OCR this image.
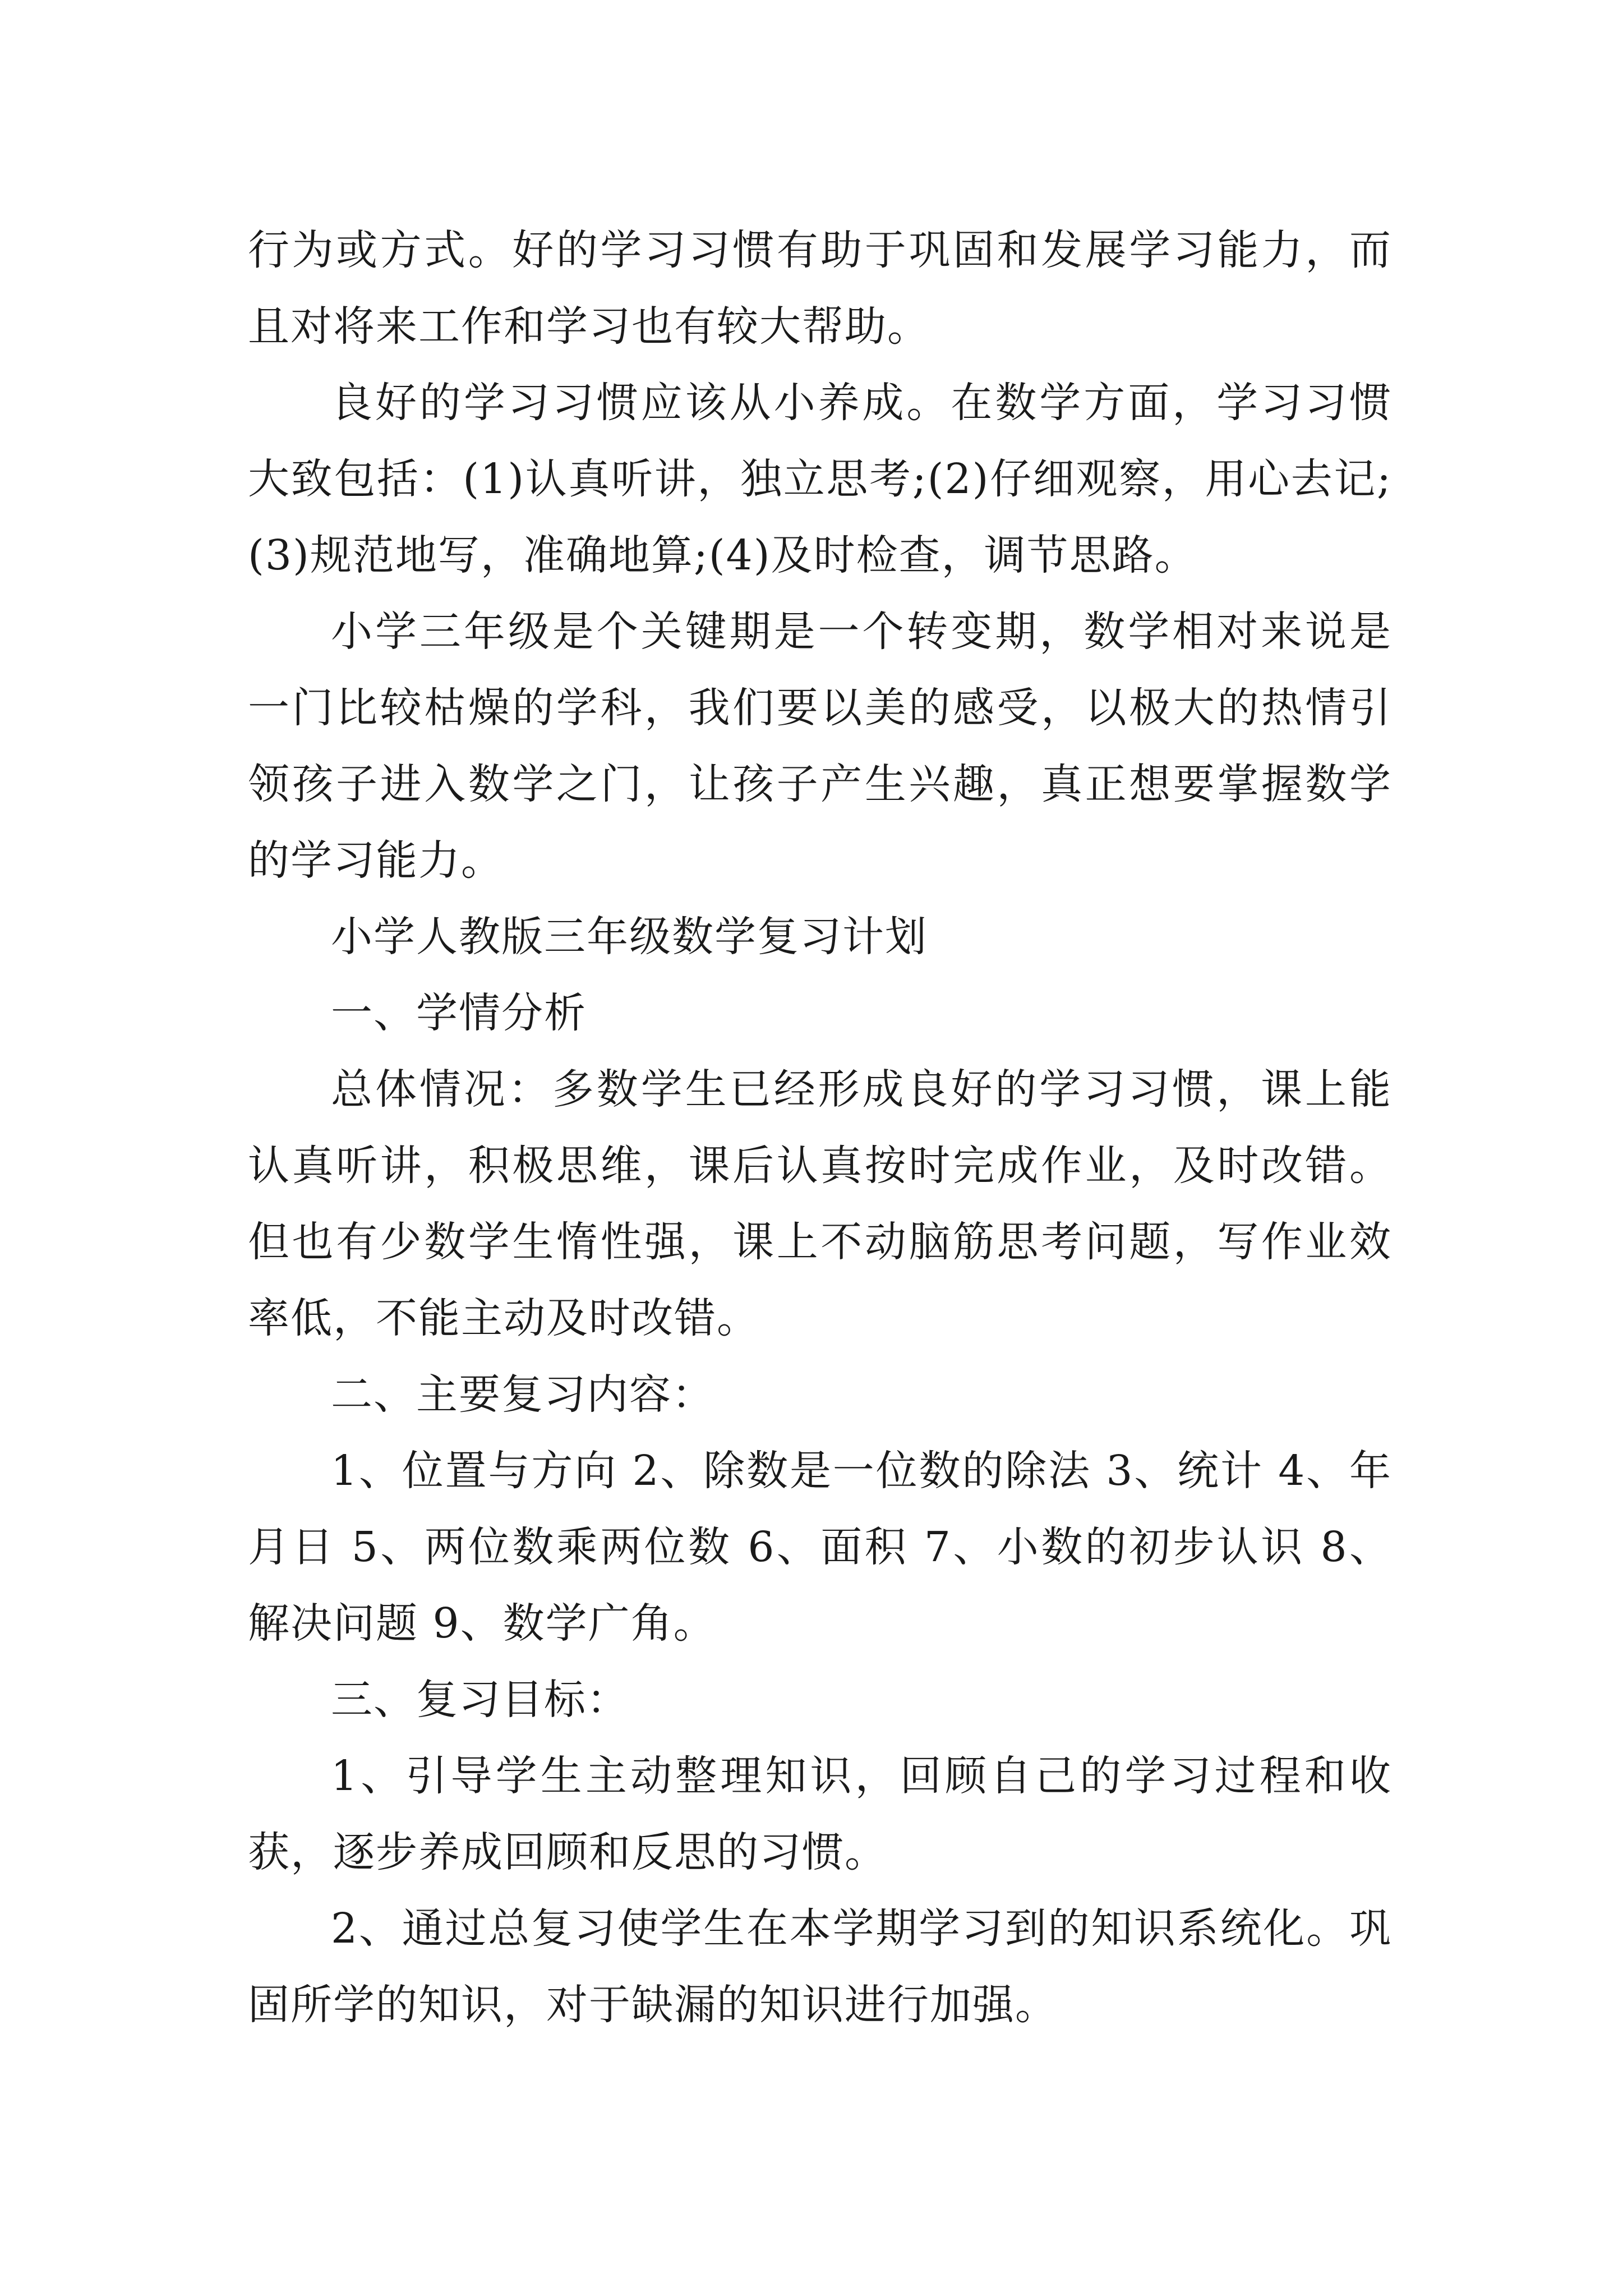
行为或方式。好的学习习惯有助于巩固和发展学习能力，而且对将来工作和学习也有较大帮助。

良好的学习习惯应该从小养成。在数学方面，学习习惯大致包括：(1)认真听讲，独立思考;(2)仔细观察，用心去记;(3)规范地写，准确地算;(4)及时检查，调节思路。

小学三年级是个关键期是一个转变期，数学相对来说是一门比较枯燥的学科，我们要以美的感受，以极大的热情引领孩子进入数学之门，让孩子产生兴趣，真正想要掌握数学的学习能力。

小学人教版三年级数学复习计划

一、学情分析

总体情况：多数学生已经形成良好的学习习惯，课上能认真听讲，积极思维，课后认真按时完成作业，及时改错。但也有少数学生惰性强，课上不动脑筋思考问题，写作业效率低，不能主动及时改错。

二、主要复习内容：

1、位置与方向 2、除数是一位数的除法 3、统计 4、年月日 5、两位数乘两位数 6、面积 7、小数的初步认识 8、解决问题 9、数学广角。

三、复习目标：

1、引导学生主动整理知识，回顾自己的学习过程和收获，逐步养成回顾和反思的习惯。

2、通过总复习使学生在本学期学习到的知识系统化。巩固所学的知识，对于缺漏的知识进行加强。
